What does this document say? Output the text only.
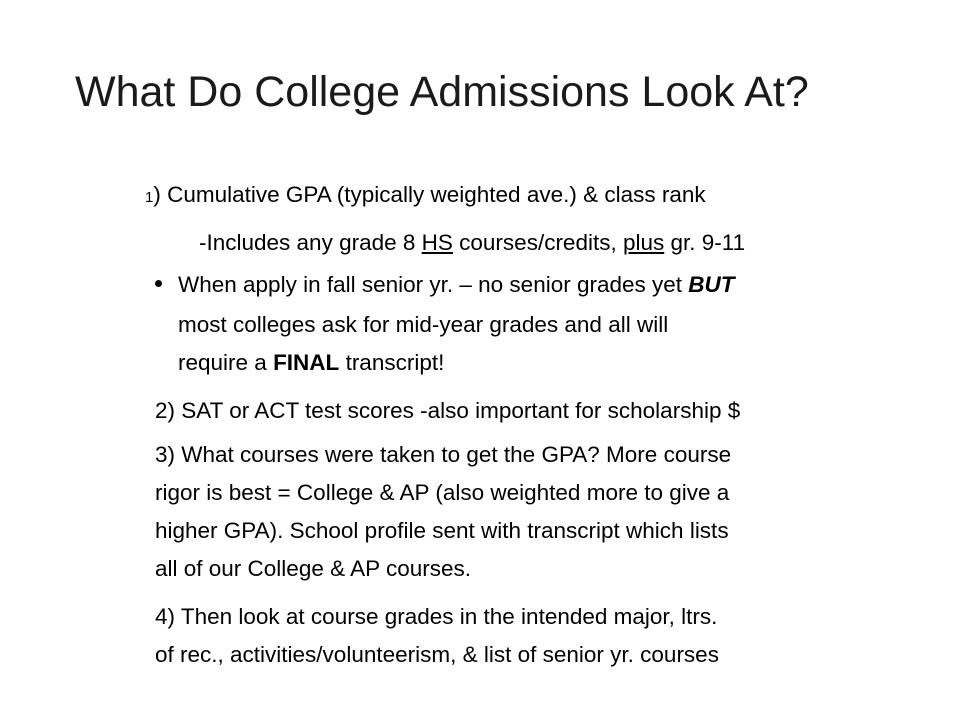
What Do College Admissions Look At?
1) Cumulative GPA (typically weighted ave.) & class rank
-Includes any grade 8 HS courses/credits, plus gr. 9-11
When apply in fall senior yr. – no senior grades yet BUT
most colleges ask for mid-year grades and all will
require a FINAL transcript!
2) SAT or ACT test scores -also important for scholarship $
3) What courses were taken to get the GPA? More course
rigor is best = College & AP (also weighted more to give a
higher GPA). School profile sent with transcript which lists
all of our College & AP courses.
4) Then look at course grades in the intended major, ltrs.
of rec., activities/volunteerism, & list of senior yr. courses
